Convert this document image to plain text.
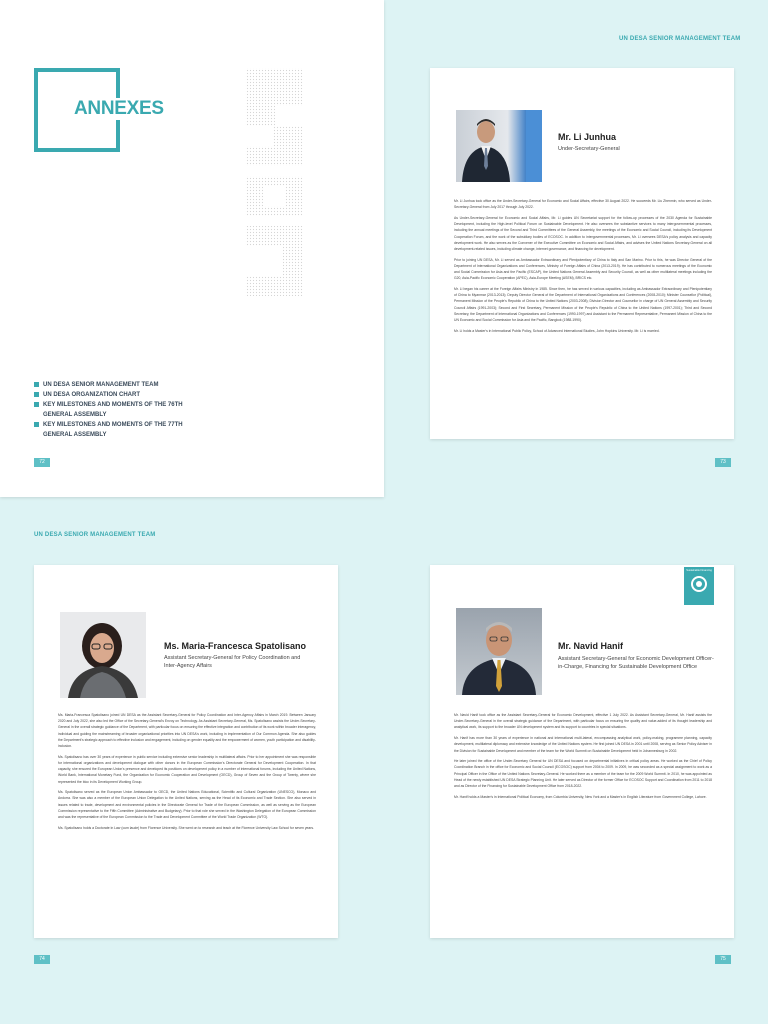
ANNEXES
UN DESA SENIOR MANAGEMENT TEAM
UN DESA ORGANIZATION CHART
KEY MILESTONES AND MOMENTS OF THE 76TH GENERAL ASSEMBLY
KEY MILESTONES AND MOMENTS OF THE 77TH GENERAL ASSEMBLY
72
UN DESA SENIOR MANAGEMENT TEAM
Mr. Li Junhua
Under-Secretary-General

Mr. Li Junhua took office as the Under-Secretary-General for Economic and Social Affairs, effective 30 August 2022. He succeeds Mr. Liu Zhenmin, who served as Under-Secretary-General from July 2017 through July 2022.

As Under-Secretary-General for Economic and Social Affairs, Mr. Li guides UN Secretariat support for the follow-up processes of the 2030 Agenda for Sustainable Development, including the High-level Political Forum on Sustainable Development. He also oversees the substantive services to many intergovernmental processes, including the annual meetings of the Second and Third Committees of the General Assembly, the meetings of the Economic and Social Council, including its Development Cooperation Forum, and the work of the subsidiary bodies of ECOSOC. In addition to intergovernmental processes, Mr. Li oversees DESA's policy analysis and capacity development work. He also serves as the Convener of the Executive Committee on Economic and Social Affairs, and advises the United Nations Secretary-General on all development-related issues, including climate change, internet governance, and financing for development.

Prior to joining UN DESA, Mr. Li served as Ambassador Extraordinary and Plenipotentiary of China to Italy and San Marino. Prior to this, he was Director General of the Department of International Organizations and Conferences, Ministry of Foreign Affairs of China (2013-2019). He has contributed to numerous meetings of the Economic and Social Commission for Asia and the Pacific (ESCAP), the United Nations General Assembly and Security Council, as well as other multilateral meetings including the G20, Asia-Pacific Economic Cooperation (APEC), Asia-Europe Meeting (ASEM), BRICS etc.

Mr. Li began his career at the Foreign Affairs Ministry in 1985. Since then, he has served in various capacities, including as Ambassador Extraordinary and Plenipotentiary of China to Myanmar (2013-2013); Deputy Director General of the Department of International Organizations and Conferences (2008-2010); Minister Counsellor (Political), Permanent Mission of the People's Republic of China to the United Nations (2003-2008); Division Director and Counsellor in charge of UN General Assembly and Security Council Affairs (1991-2003); Second and First Secretary, Permanent Mission of the People's Republic of China to the United Nations (1997-2001); Third and Second Secretary, the Department of International Organizations and Conferences (1990-1997) and Assistant to the Permanent Representative, Permanent Mission of China to the UN Economic and Social Commission for Asia and the Pacific, Bangkok (1988-1990).

Mr. Li holds a Master's in International Public Policy, School of Advanced International Studies, John Hopkins University. Mr. Li is married.

73
UN DESA SENIOR MANAGEMENT TEAM
Ms. Maria-Francesca Spatolisano
Assistant Secretary-General for Policy Coordination and Inter-Agency Affairs

Ms. Maria-Francesca Spatolisano joined UN DESA as the Assistant Secretary-General for Policy Coordination and Inter-Agency Affairs in March 2019. Between January 2020 and July 2022, she also led the Office of the Secretary-General's Envoy on Technology. As Assistant Secretary-General, Ms. Spatolisano assists the Under-Secretary-General in the overall strategic guidance of the Department, with particular focus on ensuring the effective integration and contribution of its work within broader interagency, individual and guiding the mainstreaming of broader organizational priorities into UN DESA's work, including in implementation of Our Common Agenda. She also guides the Department's strategic approach to effective inclusion and engagement, including on gender equality and the empowerment of women, youth participation and disability-inclusion.

Ms. Spatolisano has over 30 years of experience in public service including extensive senior leadership in multilateral affairs. Prior to her appointment she was responsible for international organizations and development dialogue with other donors in the European Commission's Directorate General for Development Cooperation. In that capacity, she ensured the European Union's presence and developed its positions on development policy in a number of international forums, including the United Nations, World Bank, International Monetary Fund, the Organization for Economic Cooperation and Development (OECD), Group of Seven and the Group of Twenty, where she represented the bloc in its Development Working Group.

Ms. Spatolisano served as the European Union Ambassador to OECD, the United Nations Educational, Scientific and Cultural Organization (UNESCO), Monaco and Andorra. She was also a member of the European Union Delegation to the United Nations, serving as the Head of its Economic and Trade Section. She also served in issues related to trade, development and environmental policies in the Directorate General for Trade of the European Commission, as well as serving as the European Commission representative to the Fifth Committee (Administrative and Budgetary). Prior to that role she served in the Washington Delegation of the European Commission and was the representative of the European Commission to the Trade and Development Committee of the World Trade Organization (WTO).

Ms. Spatolisano holds a Doctorate in Law (cum laude) from Florence University. She went on to research and teach at the Florence University Law School for seven years.

74
Mr. Navid Hanif
Assistant Secretary-General for Economic Development Officer-in-Charge, Financing for Sustainable Development Office

Mr. Navid Hanif took office as the Assistant Secretary-General for Economic Development, effective 1 July 2022. As Assistant Secretary-General, Mr. Hanif assists the Under-Secretary-General in the overall strategic guidance of the Department, with particular focus on ensuring the quality and value-added of its thought leadership and analytical work, its support to the broader UN development system and its support to countries in special situations.

Mr. Hanif has more than 30 years of experience in national and international multi-lateral, encompassing analytical work, policy-making, programme planning, capacity development, multilateral diplomacy and extensive knowledge of the United Nations system. He first joined UN DESA in 2001 until 2008, serving as Senior Policy Adviser in the Division for Sustainable Development and member of the team for the World Summit on Sustainable Development held in Johannesburg in 2002.

He later joined the office of the Under-Secretary General for UN DESA and focused on departmental initiatives in critical policy areas. He worked as the Chief of Policy Coordination Branch in the office for Economic and Social Council (ECOSOC) support from 2004 to 2009. In 2009, he was seconded as a special assignment to work as a Principal Officer in the Office of the United Nations Secretary-General. He worked there as a member of the team for the 2009 World Summit. In 2010, he was appointed as Head of the newly established UN DESA Strategic Planning Unit. He later served as Director of the former Office for ECOSOC Support and Coordination from 2011 to 2018 and as Director of the Financing for Sustainable Development Office from 2018-2022.

Mr. Hanif holds a Master's in International Political Economy, from Columbia University, New York and a Master's in English Literature from Government College, Lahore.

Sustainable Financing
75
